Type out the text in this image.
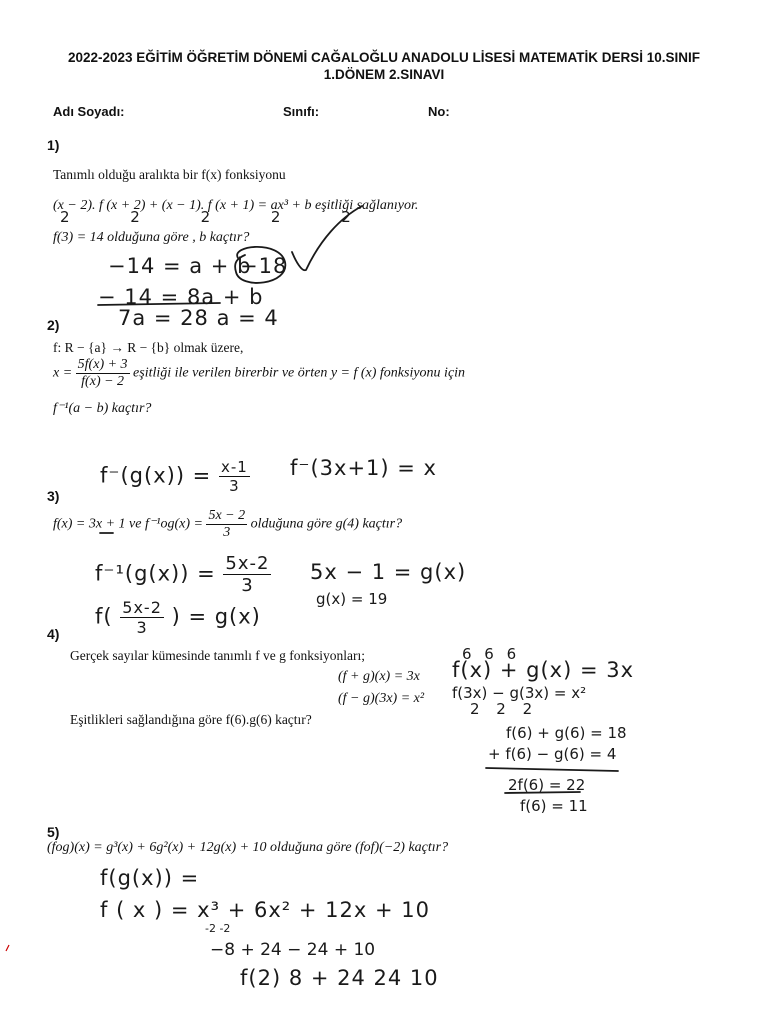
2022-2023 EĞİTİM ÖĞRETİM DÖNEMİ CAĞALOĞLU ANADOLU LİSESİ MATEMATİK DERSİ 10.SINIF
1.DÖNEM 2.SINAVI
Adı Soyadı:	Sınıfı:	No:
1)
Tanımlı olduğu aralıkta bir f(x) fonksiyonu
(x − 2). f (x + 2) + (x − 1). f (x + 1) = ax³ + b eşitliği sağlanıyor.
2 2 2 2 2
f(3) = 14 olduğuna göre , b kaçtır?
−14 = a + b
− 14 = 8a + b
7a = 28 a = 4
−18
2)
f: R − {a} → R − {b} olmak üzere,
$x = \frac{5f(x) + 3}{f(x) - 2}$ eşitliği ile verilen birerbir ve örten y = f (x) fonksiyonu için
f⁻¹(a − b) kaçtır?
$f^-(g(x)) = \frac{x-1}{3} f^-(3x+1) = x$
3)
f(x) = 3x + 1 ve $f^{-1}og(x) = \frac{5x - 2}{3}$ olduğuna göre g(4) kaçtır?
$f^{-1}(g(x)) = \frac{5x-2}{3} 5x - 1 = g(x)$
g(x) = 19
$f( \frac{5x-2}{3}$ ) = g(x)
4)
Gerçek sayılar kümesinde tanımlı f ve g fonksiyonları;
(f + g)(x) = 3x
(f − g)(3x) = x²
Eşitlikleri sağlandığına göre f(6).g(6) kaçtır?
6 6 6
f(x) + g(x) = 3x
f(3x) − g(3x) = x²
2 2 2
f(6) + g(6) = 18
+ f(6) − g(6) = 4
2f(6) = 22
f(6) = 11
5)
(fog)(x) = g³(x) + 6g²(x) + 12g(x) + 10 olduğuna göre (fof)(−2) kaçtır?
f(g(x)) =
f ( x ) = x³ + 6x² + 12x + 10
-2 -2
−8 + 24 − 24 + 10
f(2) 8 + 24 24 10
